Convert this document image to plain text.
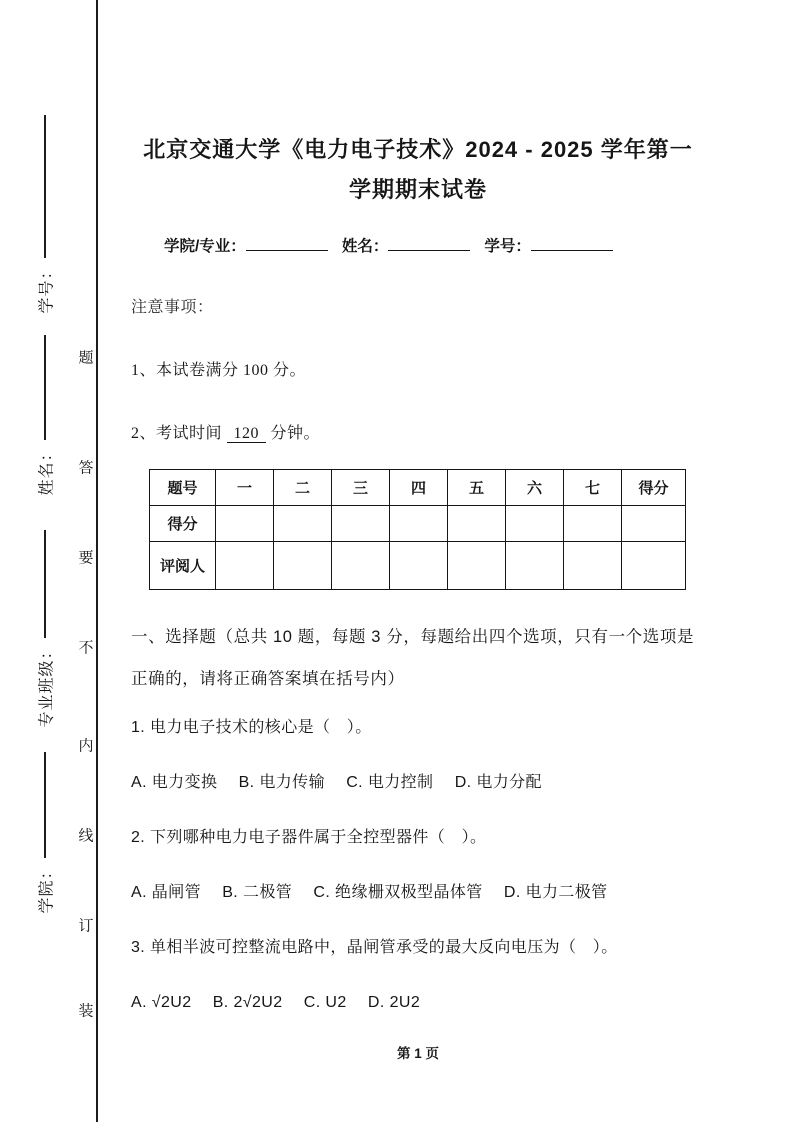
学号：
姓名：
专业班级：
学院：
题
答
要
不
内
线
订
装
北京交通大学《电力电子技术》2024 - 2025 学年第一
学期期末试卷
学院/专业：	姓名：	学号：
注意事项：
1、本试卷满分 100 分。
2、考试时间 120 分钟。
题号	一	二	三	四	五	六	七	得分
得分								
评阅人								
一、选择题（总共 10 题，每题 3 分，每题给出四个选项，只有一个选项是正确的，请将正确答案填在括号内）
1. 电力电子技术的核心是（　）。
A. 电力变换　 B. 电力传输　 C. 电力控制　 D. 电力分配
2. 下列哪种电力电子器件属于全控型器件（　）。
A. 晶闸管　 B. 二极管　 C. 绝缘栅双极型晶体管　 D. 电力二极管
3. 单相半波可控整流电路中，晶闸管承受的最大反向电压为（　）。
A. √2U2　 B. 2√2U2　 C. U2　 D. 2U2
第 1 页
